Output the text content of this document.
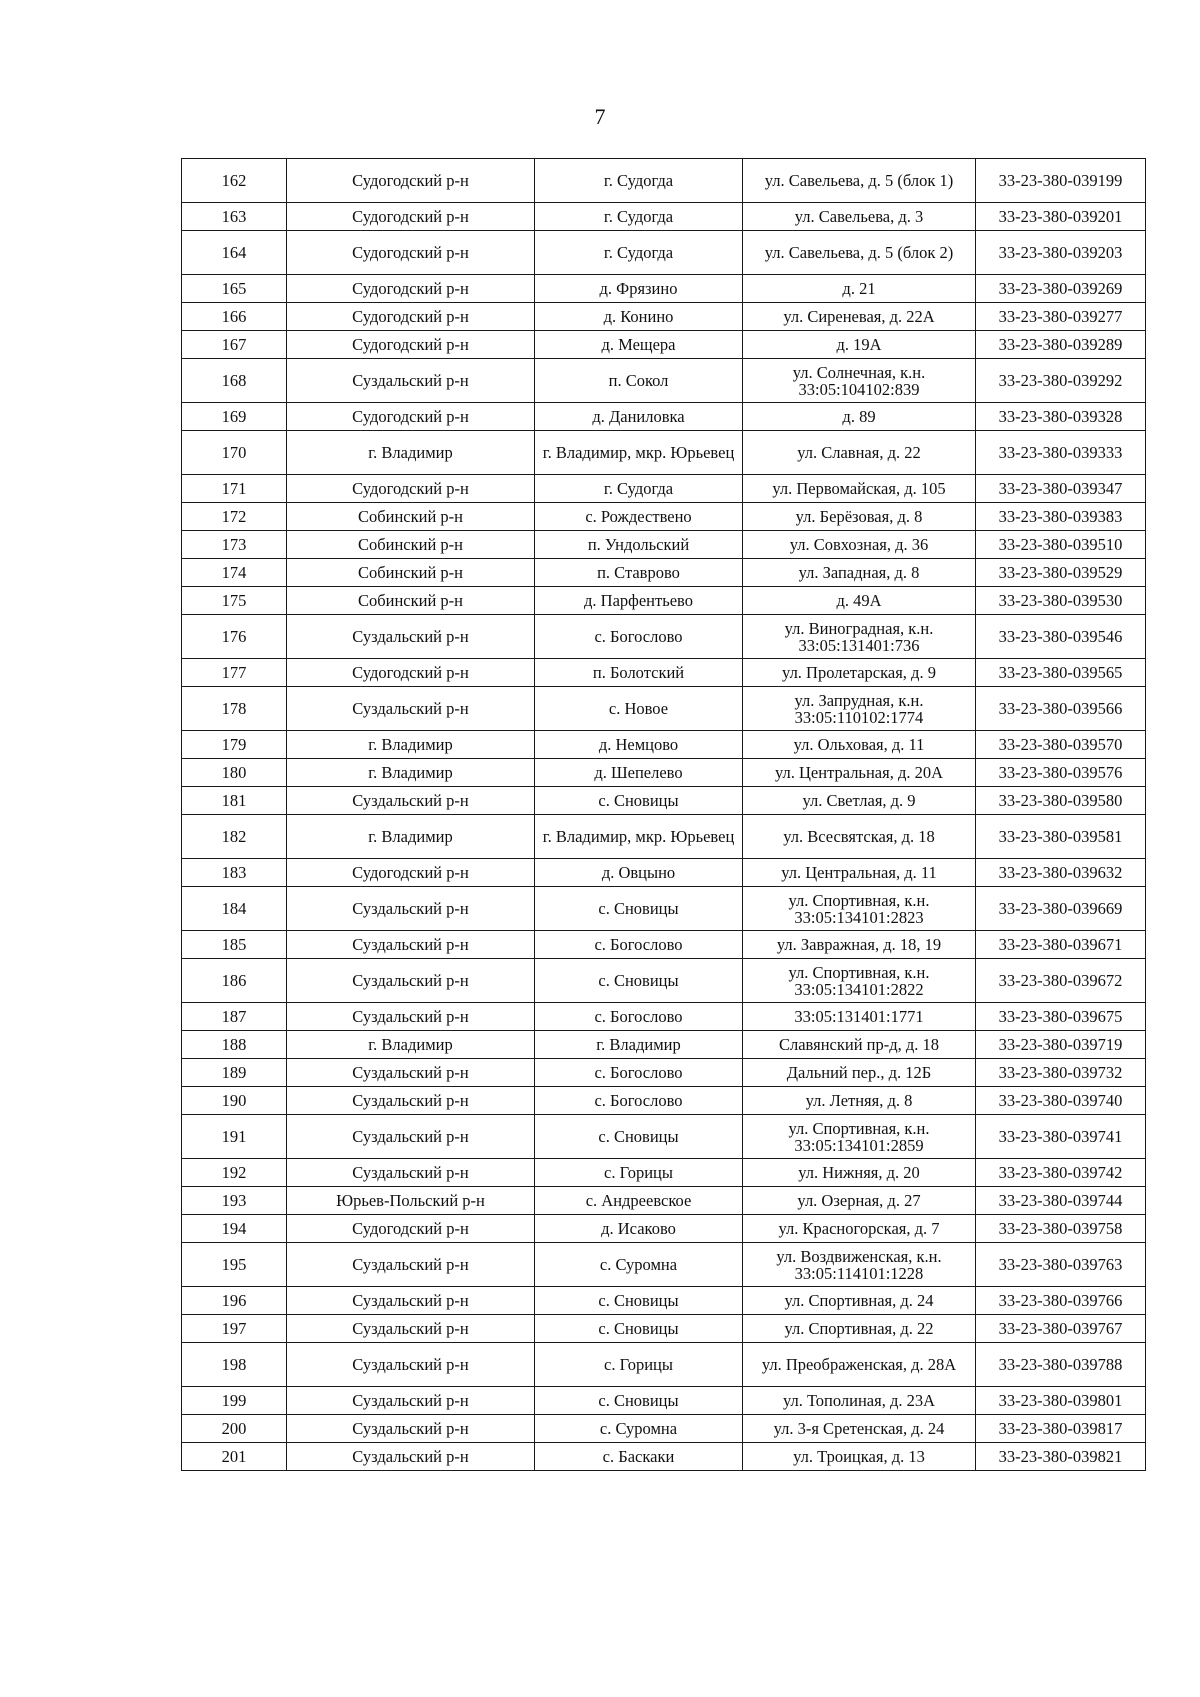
7
162	Судогодский р-н	г. Судогда	ул. Савельева, д. 5 (блок 1)	33-23-380-039199
163	Судогодский р-н	г. Судогда	ул. Савельева, д. 3	33-23-380-039201
164	Судогодский р-н	г. Судогда	ул. Савельева, д. 5 (блок 2)	33-23-380-039203
165	Судогодский р-н	д. Фрязино	д. 21	33-23-380-039269
166	Судогодский р-н	д. Конино	ул. Сиреневая, д. 22А	33-23-380-039277
167	Судогодский р-н	д. Мещера	д. 19А	33-23-380-039289
168	Суздальский р-н	п. Сокол	ул. Солнечная, к.н. 33:05:104102:839	33-23-380-039292
169	Судогодский р-н	д. Даниловка	д. 89	33-23-380-039328
170	г. Владимир	г. Владимир, мкр. Юрьевец	ул. Славная, д. 22	33-23-380-039333
171	Судогодский р-н	г. Судогда	ул. Первомайская, д. 105	33-23-380-039347
172	Собинский р-н	с. Рождествено	ул. Берёзовая, д. 8	33-23-380-039383
173	Собинский р-н	п. Ундольский	ул. Совхозная, д. 36	33-23-380-039510
174	Собинский р-н	п. Ставрово	ул. Западная, д. 8	33-23-380-039529
175	Собинский р-н	д. Парфентьево	д. 49А	33-23-380-039530
176	Суздальский р-н	с. Богослово	ул. Виноградная, к.н. 33:05:131401:736	33-23-380-039546
177	Судогодский р-н	п. Болотский	ул. Пролетарская, д. 9	33-23-380-039565
178	Суздальский р-н	с. Новое	ул. Запрудная, к.н. 33:05:110102:1774	33-23-380-039566
179	г. Владимир	д. Немцово	ул. Ольховая, д. 11	33-23-380-039570
180	г. Владимир	д. Шепелево	ул. Центральная, д. 20А	33-23-380-039576
181	Суздальский р-н	с. Сновицы	ул. Светлая, д. 9	33-23-380-039580
182	г. Владимир	г. Владимир, мкр. Юрьевец	ул. Всесвятская, д. 18	33-23-380-039581
183	Судогодский р-н	д. Овцыно	ул. Центральная, д. 11	33-23-380-039632
184	Суздальский р-н	с. Сновицы	ул. Спортивная, к.н. 33:05:134101:2823	33-23-380-039669
185	Суздальский р-н	с. Богослово	ул. Завражная, д. 18, 19	33-23-380-039671
186	Суздальский р-н	с. Сновицы	ул. Спортивная, к.н. 33:05:134101:2822	33-23-380-039672
187	Суздальский р-н	с. Богослово	33:05:131401:1771	33-23-380-039675
188	г. Владимир	г. Владимир	Славянский пр-д, д. 18	33-23-380-039719
189	Суздальский р-н	с. Богослово	Дальний пер., д. 12Б	33-23-380-039732
190	Суздальский р-н	с. Богослово	ул. Летняя, д. 8	33-23-380-039740
191	Суздальский р-н	с. Сновицы	ул. Спортивная, к.н. 33:05:134101:2859	33-23-380-039741
192	Суздальский р-н	с. Горицы	ул. Нижняя, д. 20	33-23-380-039742
193	Юрьев-Польский р-н	с. Андреевское	ул. Озерная, д. 27	33-23-380-039744
194	Судогодский р-н	д. Исаково	ул. Красногорская, д. 7	33-23-380-039758
195	Суздальский р-н	с. Суромна	ул. Воздвиженская, к.н. 33:05:114101:1228	33-23-380-039763
196	Суздальский р-н	с. Сновицы	ул. Спортивная, д. 24	33-23-380-039766
197	Суздальский р-н	с. Сновицы	ул. Спортивная, д. 22	33-23-380-039767
198	Суздальский р-н	с. Горицы	ул. Преображенская, д. 28А	33-23-380-039788
199	Суздальский р-н	с. Сновицы	ул. Тополиная, д. 23А	33-23-380-039801
200	Суздальский р-н	с. Суромна	ул. 3-я Сретенская, д. 24	33-23-380-039817
201	Суздальский р-н	с. Баскаки	ул. Троицкая, д. 13	33-23-380-039821
